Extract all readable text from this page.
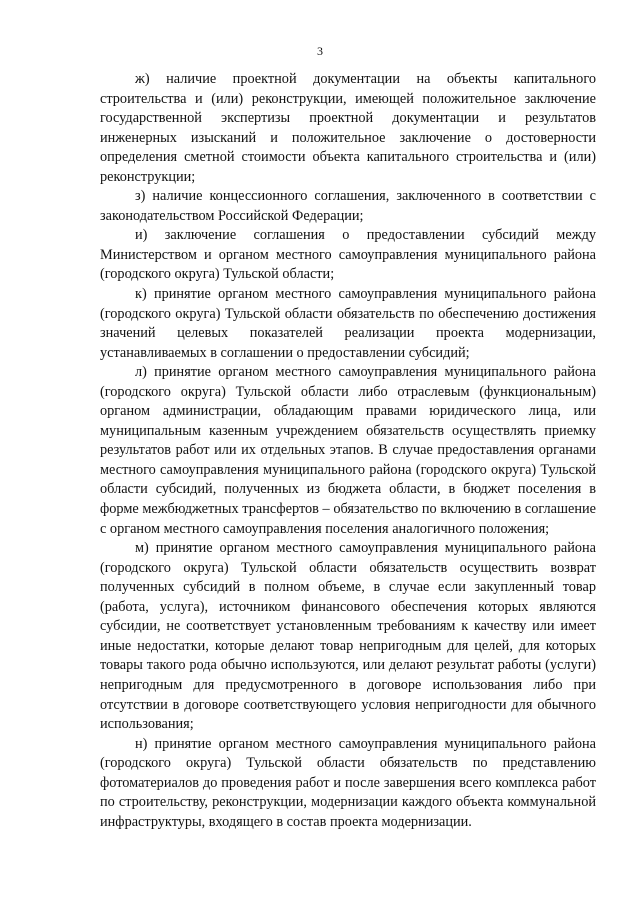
3

ж) наличие проектной документации на объекты капитального строительства и (или) реконструкции, имеющей положительное заключение государственной экспертизы проектной документации и результатов инженерных изысканий и положительное заключение о достоверности определения сметной стоимости объекта капитального строительства и (или) реконструкции;

з) наличие концессионного соглашения, заключенного в соответствии с законодательством Российской Федерации;

и) заключение соглашения о предоставлении субсидий между Министерством и органом местного самоуправления муниципального района (городского округа) Тульской области;

к) принятие органом местного самоуправления муниципального района (городского округа) Тульской области обязательств по обеспечению достижения значений целевых показателей реализации проекта модернизации, устанавливаемых в соглашении о предоставлении субсидий;

л) принятие органом местного самоуправления муниципального района (городского округа) Тульской области либо отраслевым (функциональным) органом администрации, обладающим правами юридического лица, или муниципальным казенным учреждением обязательств осуществлять приемку результатов работ или их отдельных этапов. В случае предоставления органами местного самоуправления муниципального района (городского округа) Тульской области субсидий, полученных из бюджета области, в бюджет поселения в форме межбюджетных трансфертов – обязательство по включению в соглашение с органом местного самоуправления поселения аналогичного положения;

м) принятие органом местного самоуправления муниципального района (городского округа) Тульской области обязательств осуществить возврат полученных субсидий в полном объеме, в случае если закупленный товар (работа, услуга), источником финансового обеспечения которых являются субсидии, не соответствует установленным требованиям к качеству или имеет иные недостатки, которые делают товар непригодным для целей, для которых товары такого рода обычно используются, или делают результат работы (услуги) непригодным для предусмотренного в договоре использования либо при отсутствии в договоре соответствующего условия непригодности для обычного использования;

н) принятие органом местного самоуправления муниципального района (городского округа) Тульской области обязательств по представлению фотоматериалов до проведения работ и после завершения всего комплекса работ по строительству, реконструкции, модернизации каждого объекта коммунальной инфраструктуры, входящего в состав проекта модернизации.
